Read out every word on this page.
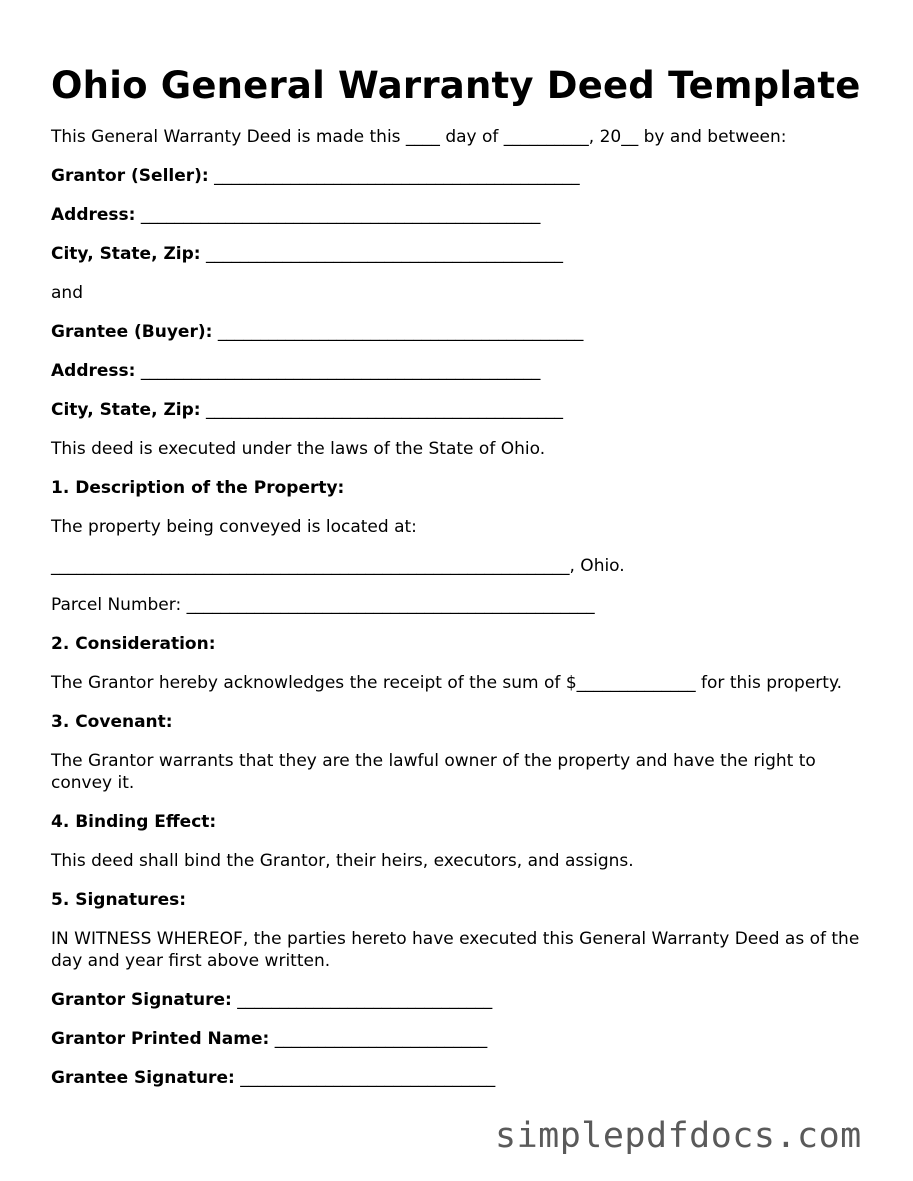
Ohio General Warranty Deed Template

This General Warranty Deed is made this ____ day of __________, 20__ by and between:

Grantor (Seller): ___________________________________________

Address: _______________________________________________

City, State, Zip: __________________________________________

and

Grantee (Buyer): ___________________________________________

Address: _______________________________________________

City, State, Zip: __________________________________________

This deed is executed under the laws of the State of Ohio.

1. Description of the Property:

The property being conveyed is located at:

_____________________________________________________________, Ohio.

Parcel Number: ________________________________________________

2. Consideration:

The Grantor hereby acknowledges the receipt of the sum of $______________ for this property.

3. Covenant:

The Grantor warrants that they are the lawful owner of the property and have the right to convey it.

4. Binding Effect:

This deed shall bind the Grantor, their heirs, executors, and assigns.

5. Signatures:

IN WITNESS WHEREOF, the parties hereto have executed this General Warranty Deed as of the day and year first above written.

Grantor Signature: ______________________________

Grantor Printed Name: _________________________

Grantee Signature: ______________________________

simplepdfdocs.com
